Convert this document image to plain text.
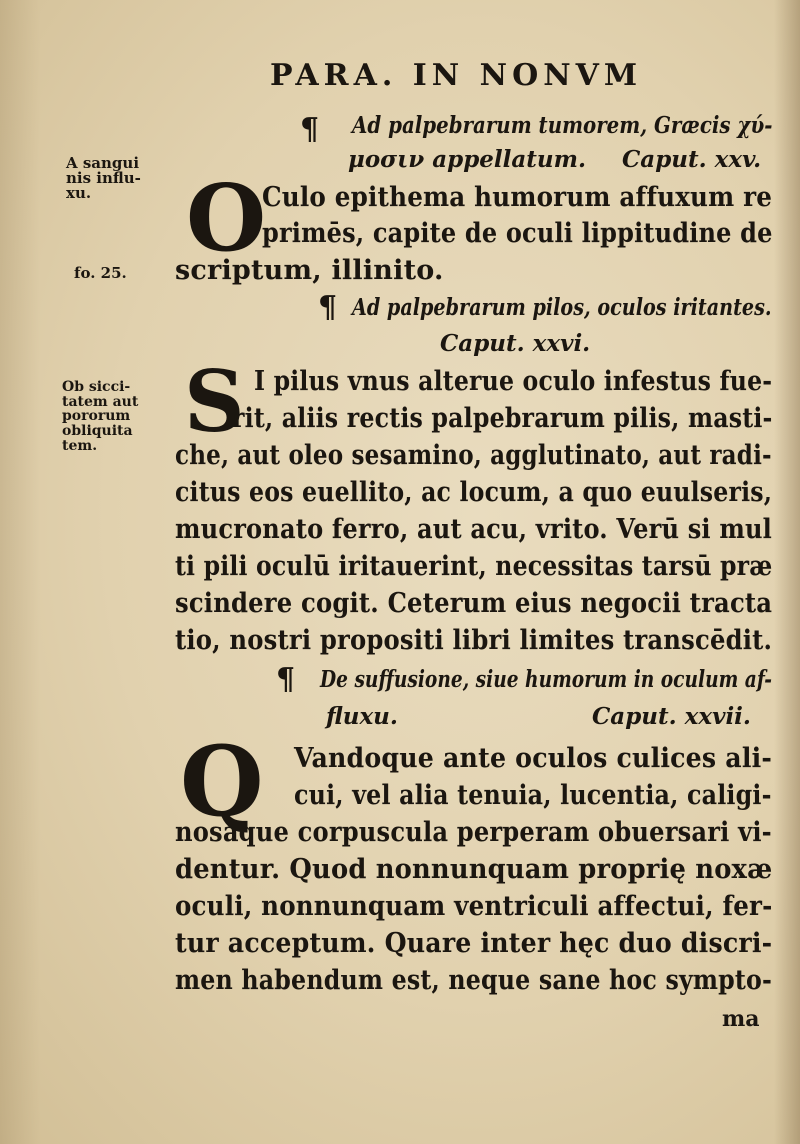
PARA. IN NONVM
¶ Ad palpebrarum tumorem, Græcis χύ-
μοσιν appellatum. Caput. xxv.
O
Culo epithema humorum affuxum re
primēs, capite de oculi lippitudine de
scriptum, illinito.
¶ Ad palpebrarum pilos, oculos iritantes.
Caput. xxvi.
S I pilus vnus alterue oculo infestus fue-
rit, aliis rectis palpebrarum pilis, masti-
che, aut oleo sesamino, agglutinato, aut radi-
citus eos euellito, ac locum, a quo euulseris,
mucronato ferro, aut acu, vrito. Verū si mul
ti pili oculū iritauerint, necessitas tarsū præ
scindere cogit. Ceterum eius negocii tracta
tio, nostri propositi libri limites transcēdit.
¶ De suffusione, siue humorum in oculum af-
fluxu.	Caput. xxvii.
Q Vandoque ante oculos culices ali-
cui, vel alia tenuia, lucentia, caligi-
nosaque corpuscula perperam obuersari vi-
dentur. Quod nonnunquam proprię noxæ
oculi, nonnunquam ventriculi affectui, fer-
tur acceptum. Quare inter hęc duo discri-
men habendum est, neque sane hoc sympto-
ma
A sangui
nis influ-
xu.
fo. 25.
Ob sicci-
tatem aut
pororum
obliquita
tem.
